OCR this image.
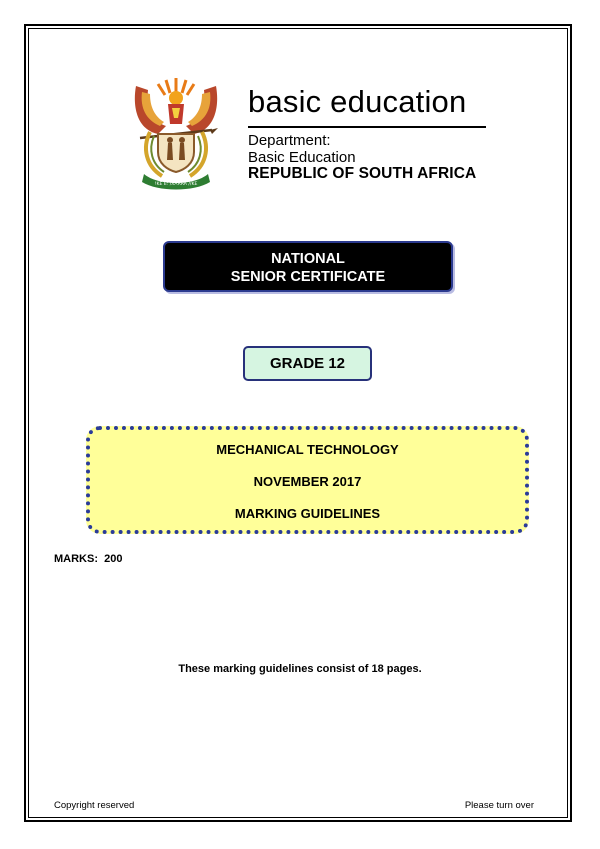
!KE E: /XARRA //KE
basic education
Department:
Basic Education
REPUBLIC OF SOUTH AFRICA
NATIONAL
SENIOR CERTIFICATE
GRADE 12
MECHANICAL TECHNOLOGY
NOVEMBER 2017
MARKING GUIDELINES
MARKS:  200
These marking guidelines consist of 18 pages.
Copyright reserved	Please turn over
